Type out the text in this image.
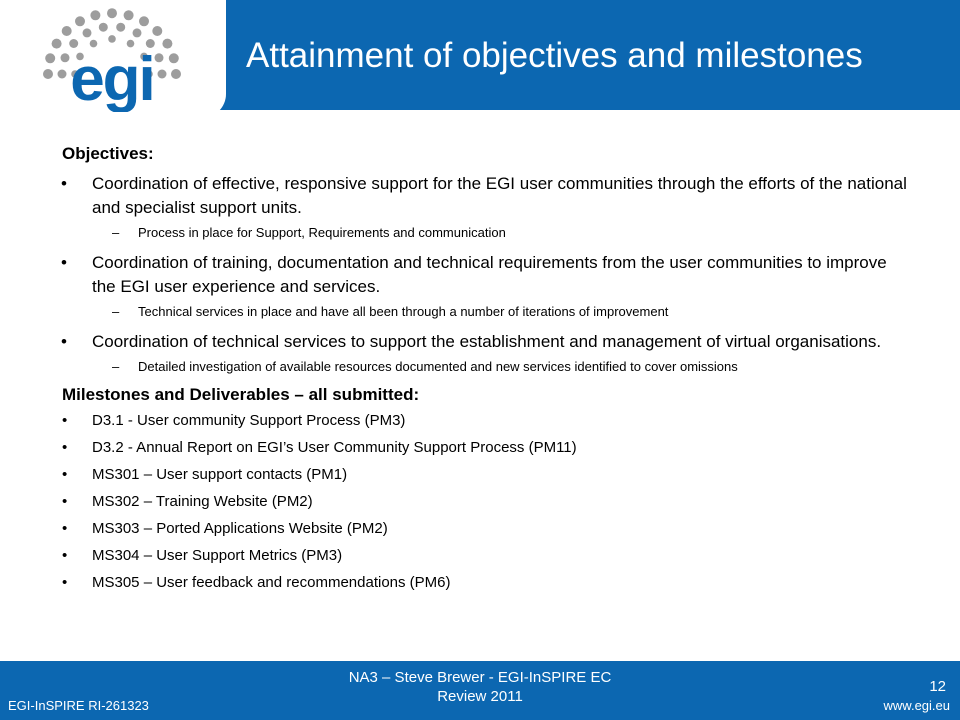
egi	Attainment of objectives and milestones
Objectives:
• Coordination of effective, responsive support for the EGI user communities through the efforts of the national and specialist support units.
– Process in place for Support, Requirements and communication
• Coordination of training, documentation and technical requirements from the user communities to improve the EGI user experience and services.
– Technical services in place and have all been through a number of iterations of improvement
• Coordination of technical services to support the establishment and management of virtual organisations.
– Detailed investigation of available resources documented and new services identified to cover omissions
Milestones and Deliverables – all submitted:
• D3.1 - User community Support Process (PM3)
• D3.2 - Annual Report on EGI’s User Community Support Process (PM11)
• MS301 – User support contacts (PM1)
• MS302 – Training Website (PM2)
• MS303 – Ported Applications Website (PM2)
• MS304 – User Support Metrics (PM3)
• MS305 – User feedback and recommendations (PM6)
NA3 – Steve Brewer - EGI-InSPIRE EC
Review 2011
12
EGI-InSPIRE RI-261323	www.egi.eu
